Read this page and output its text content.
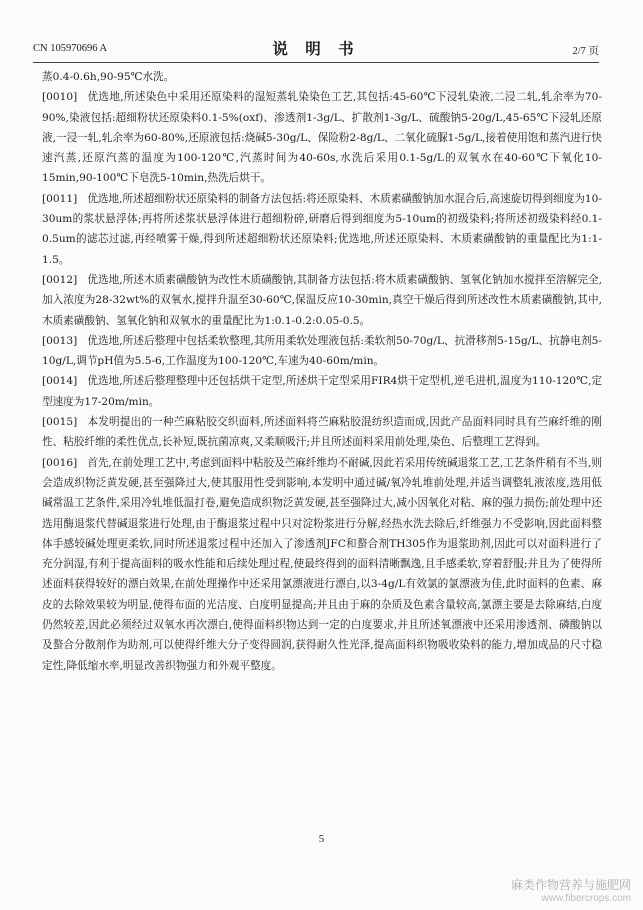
CN 105970696 A	说 明 书	2/7 页

蒸0.4-0.6h,90-95℃水洗。

[0010] 优选地,所述染色中采用还原染料的湿短蒸轧染染色工艺,其包括:45-60℃下浸轧染液,二浸二轧,轧余率为70-90%,染液包括:超细粉状还原染料0.1-5%(oxf)、渗透剂1-3g/L、扩散剂1-3g/L、硫酸钠5-20g/L,45-65℃下浸轧还原液,一浸一轧,轧余率为60-80%,还原液包括:烧碱5-30g/L、保险粉2-8g/L、二氧化硫脲1-5g/L,接着使用饱和蒸汽进行快速汽蒸,还原汽蒸的温度为100-120℃,汽蒸时间为40-60s,水洗后采用0.1-5g/L的双氧水在40-60℃下氧化10-15min,90-100℃下皂洗5-10min,热洗后烘干。

[0011] 优选地,所述超细粉状还原染料的制备方法包括:将还原染料、木质素磺酸钠加水混合后,高速旋切得到细度为10-30um的浆状悬浮体;再将所述浆状悬浮体进行超细粉碎,研磨后得到细度为5-10um的初级染料;将所述初级染料经0.1-0.5um的滤芯过滤,再经喷雾干燥,得到所述超细粉状还原染料;优选地,所述还原染料、木质素磺酸钠的重量配比为1:1-1.5。

[0012] 优选地,所述木质素磺酸钠为改性木质磺酸钠,其制备方法包括:将木质素磺酸钠、氢氧化钠加水搅拌至溶解完全,加入浓度为28-32wt%的双氧水,搅拌升温至30-60℃,保温反应10-30min,真空干燥后得到所述改性木质素磺酸钠,其中,木质素磺酸钠、氢氧化钠和双氧水的重量配比为1:0.1-0.2:0.05-0.5。

[0013] 优选地,所述后整理中包括柔软整理,其所用柔软处理液包括:柔软剂50-70g/L、抗滑移剂5-15g/L、抗静电剂5-10g/L,调节pH值为5.5-6,工作温度为100-120℃,车速为40-60m/min。

[0014] 优选地,所述后整理整理中还包括烘干定型,所述烘干定型采用FIR4烘干定型机,逆毛进机,温度为110-120℃,定型速度为17-20m/min。

[0015] 本发明提出的一种苎麻粘胶交织面料,所述面料将苎麻粘胶混纺织造而成,因此产品面料同时具有苎麻纤维的刚性、粘胶纤维的柔性优点,长补短,既抗菌凉爽,又柔顺吸汗;并且所述面料采用前处理,染色、后整理工艺得到。

[0016] 首先,在前处理工艺中,考虑到面料中粘胶及苎麻纤维均不耐碱,因此若采用传统碱退浆工艺,工艺条件稍有不当,则会造成织物泛黄发硬,甚至强降过大,使其服用性受到影响,本发明中通过碱/氧冷轧堆前处理,并适当调整轧液浓度,选用低碱常温工艺条件,采用冷轧堆低温打卷,避免造成织物泛黄发硬,甚至强降过大,减小因氧化对粘、麻的强力损伤;前处理中还选用酶退浆代替碱退浆进行处理,由于酶退浆过程中只对淀粉浆进行分解,经热水洗去除后,纤维强力不受影响,因此面料整体手感较碱处理更柔软,同时所述退浆过程中还加入了渗透剂JFC和螯合剂TH305作为退浆助剂,因此可以对面料进行了充分润湿,有利于提高面料的吸水性能和后续处理过程,使最终得到的面料清晰飘逸,且手感柔软,穿着舒服;并且为了使得所述面料获得较好的漂白效果,在前处理操作中还采用氯漂液进行漂白,以3-4g/L有效氯的氯漂液为佳,此时面料的色素、麻皮的去除效果较为明显,使得布面的光洁度、白度明显提高;并且由于麻的杂质及色素含量较高,氯漂主要是去除麻结,白度仍然较差,因此必须经过双氧水再次漂白,使得面料织物达到一定的白度要求,并且所述氧漂液中还采用渗透剂、磷酸钠以及螯合分散剂作为助剂,可以使得纤维大分子变得圆润,获得耐久性光泽,提高面料织物吸收染料的能力,增加成品的尺寸稳定性,降低缩水率,明显改善织物强力和外观平整度。

5
麻类作物营养与施肥网
www.fibercrops.com
